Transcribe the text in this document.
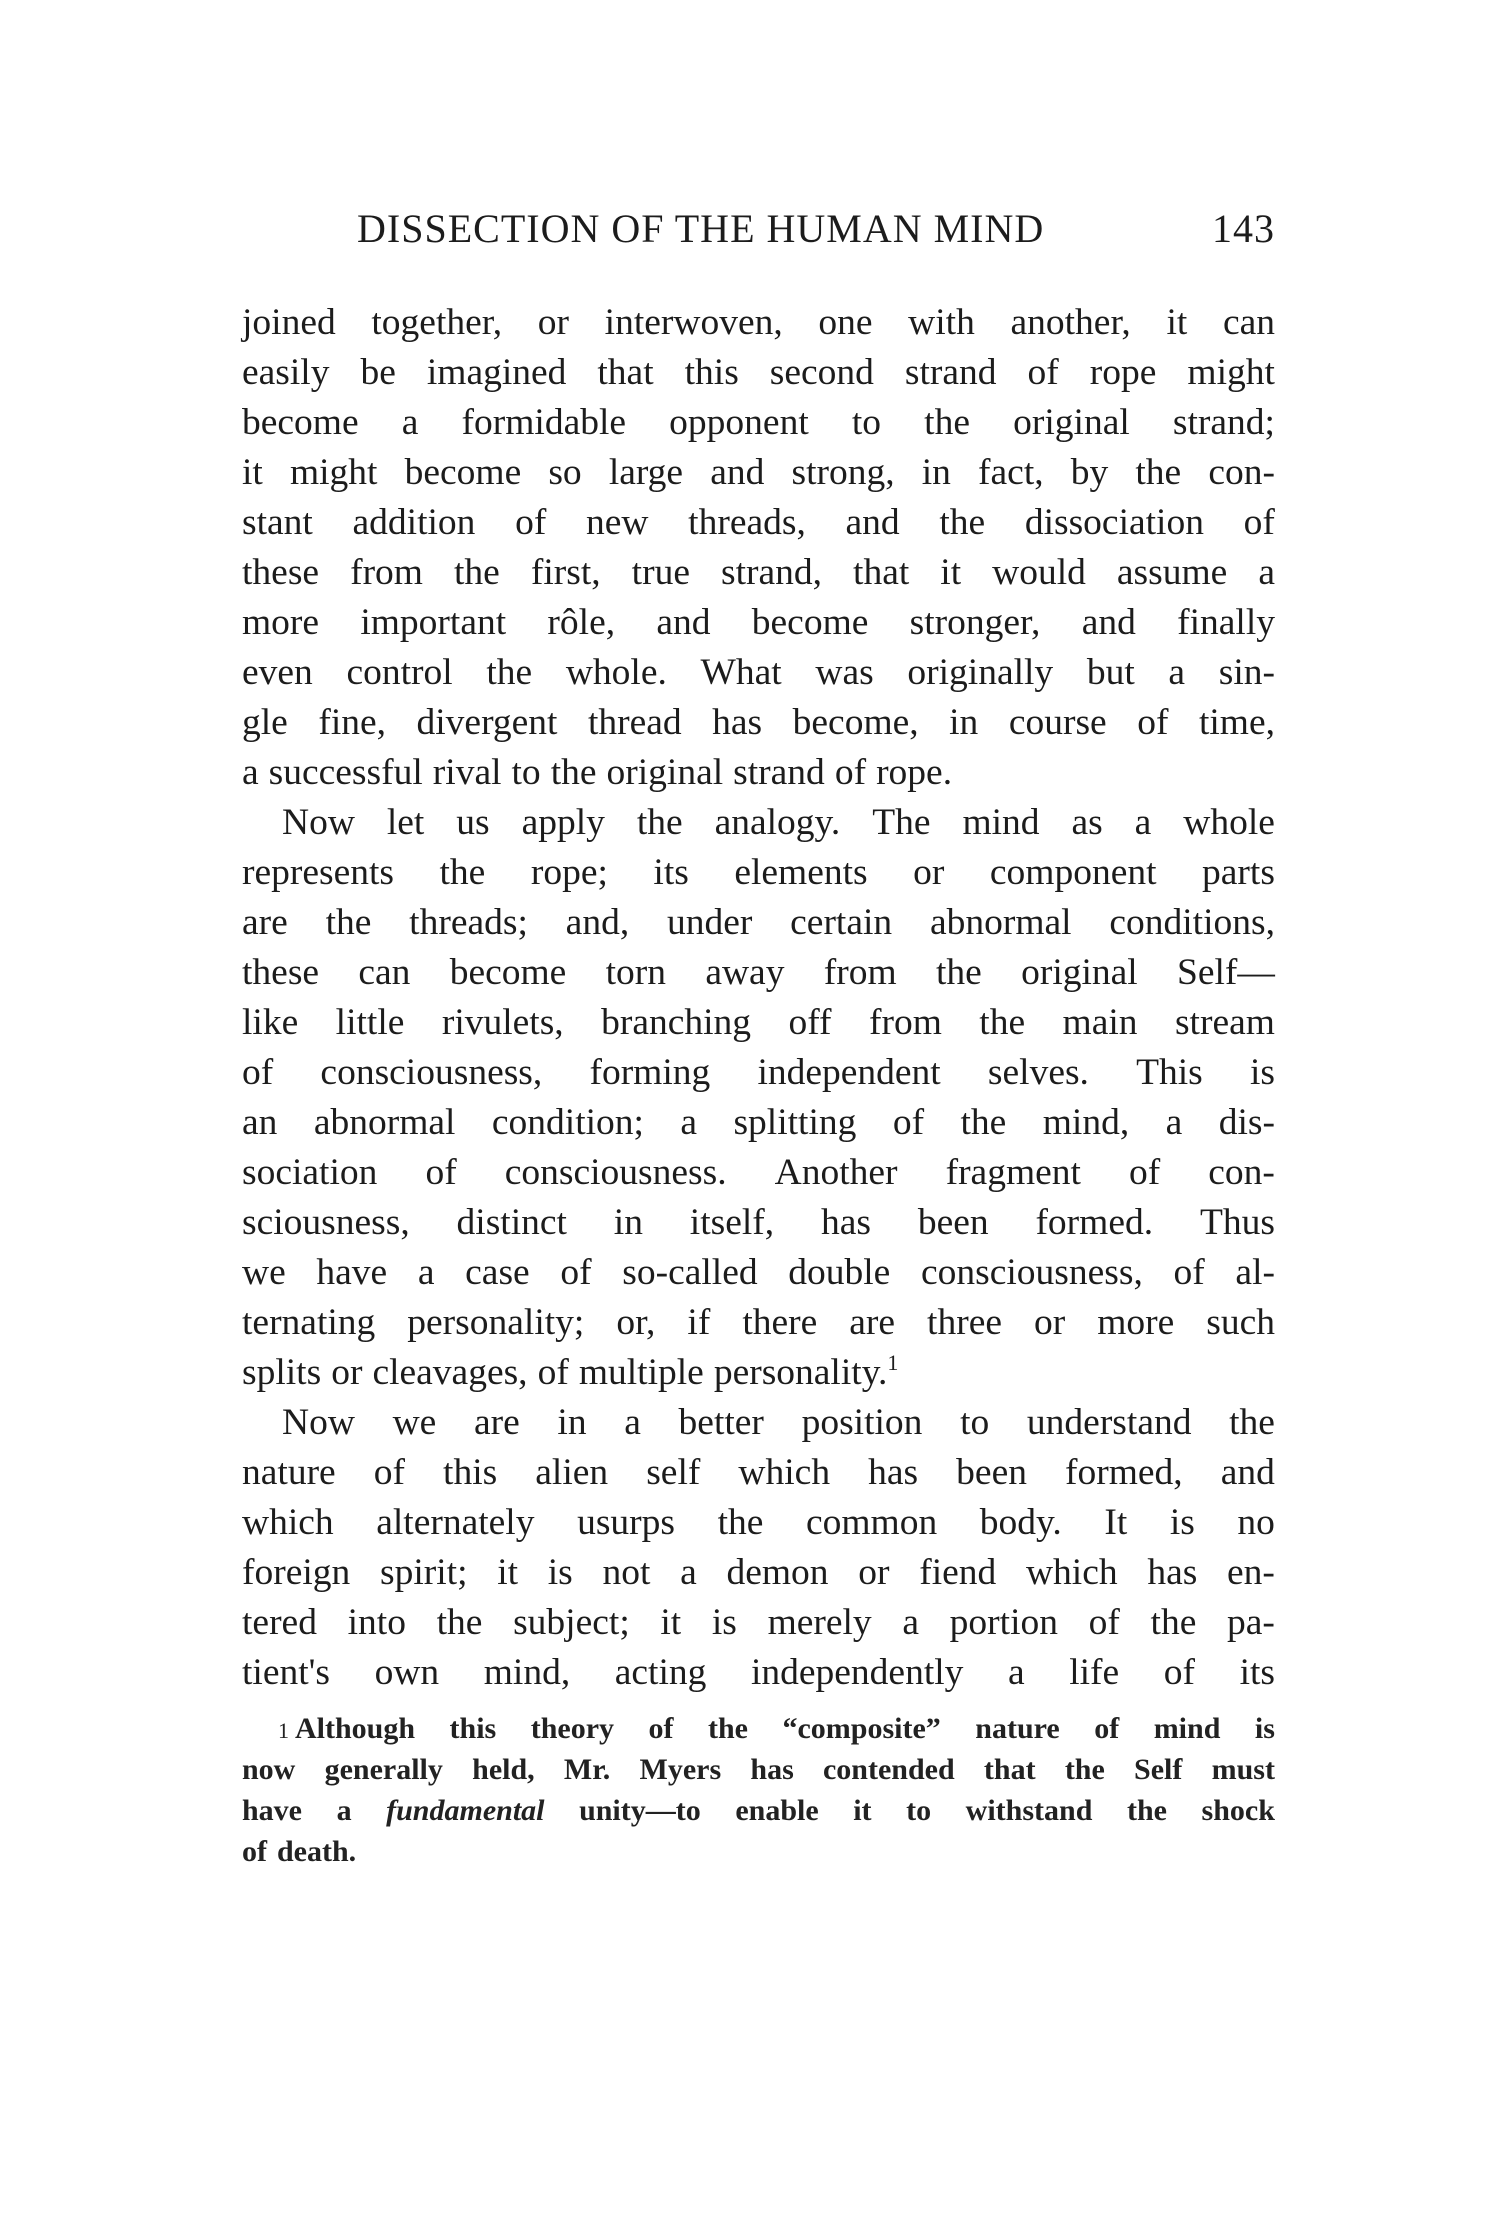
DISSECTION OF THE HUMAN MIND	143
joined together, or interwoven, one with another, it can
easily be imagined that this second strand of rope might
become a formidable opponent to the original strand;
it might become so large and strong, in fact, by the con-
stant addition of new threads, and the dissociation of
these from the first, true strand, that it would assume a
more important rôle, and become stronger, and finally
even control the whole. What was originally but a sin-
gle fine, divergent thread has become, in course of time,
a successful rival to the original strand of rope.
Now let us apply the analogy. The mind as a whole
represents the rope; its elements or component parts
are the threads; and, under certain abnormal conditions,
these can become torn away from the original Self—
like little rivulets, branching off from the main stream
of consciousness, forming independent selves. This is
an abnormal condition; a splitting of the mind, a dis-
sociation of consciousness. Another fragment of con-
sciousness, distinct in itself, has been formed. Thus
we have a case of so-called double consciousness, of al-
ternating personality; or, if there are three or more such
splits or cleavages, of multiple personality.$^1$
Now we are in a better position to understand the
nature of this alien self which has been formed, and
which alternately usurps the common body. It is no
foreign spirit; it is not a demon or fiend which has en-
tered into the subject; it is merely a portion of the pa-
tient's own mind, acting independently a life of its
1 Although this theory of the “composite” nature of mind is
now generally held, Mr. Myers has contended that the Self must
have a fundamental unity—to enable it to withstand the shock
of death.
